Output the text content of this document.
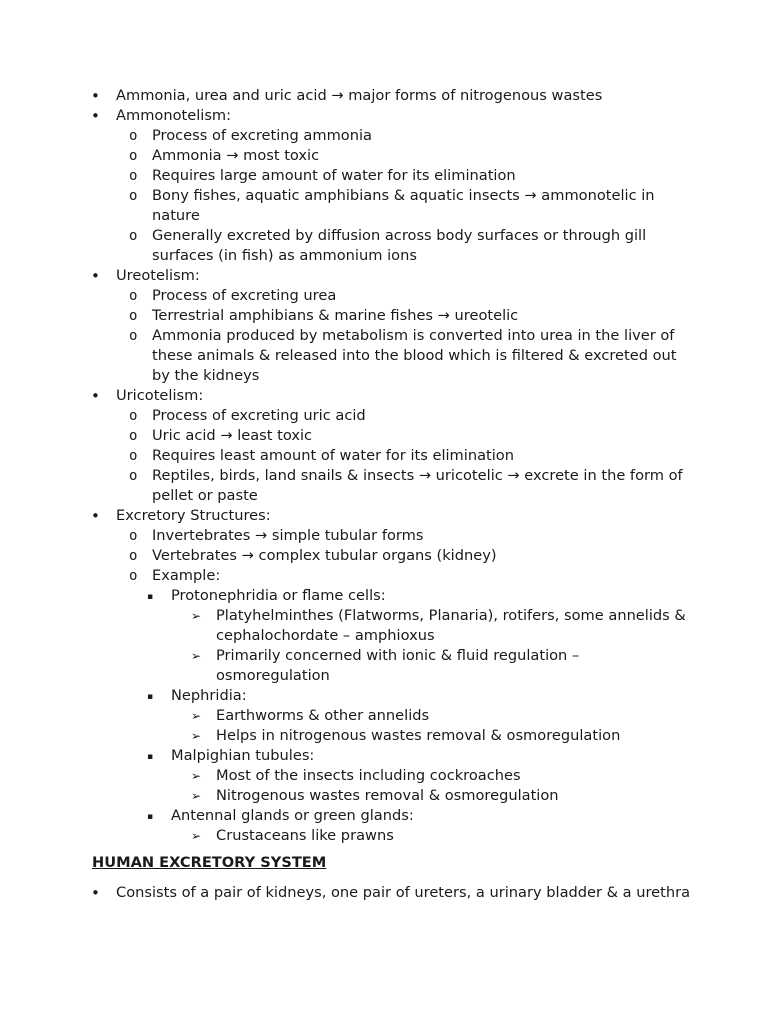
• Ammonia, urea and uric acid → major forms of nitrogenous wastes
• Ammonotelism:
o Process of excreting ammonia
o Ammonia → most toxic
o Requires large amount of water for its elimination
o Bony fishes, aquatic amphibians & aquatic insects → ammonotelic in nature
o Generally excreted by diffusion across body surfaces or through gill surfaces (in fish) as ammonium ions
• Ureotelism:
o Process of excreting urea
o Terrestrial amphibians & marine fishes → ureotelic
o Ammonia produced by metabolism is converted into urea in the liver of these animals & released into the blood which is filtered & excreted out by the kidneys
• Uricotelism:
o Process of excreting uric acid
o Uric acid → least toxic
o Requires least amount of water for its elimination
o Reptiles, birds, land snails & insects → uricotelic → excrete in the form of pellet or paste
• Excretory Structures:
o Invertebrates → simple tubular forms
o Vertebrates → complex tubular organs (kidney)
o Example:
▪ Protonephridia or flame cells:
➢ Platyhelminthes (Flatworms, Planaria), rotifers, some annelids & cephalochordate – amphioxus
➢ Primarily concerned with ionic & fluid regulation – osmoregulation
▪ Nephridia:
➢ Earthworms & other annelids
➢ Helps in nitrogenous wastes removal & osmoregulation
▪ Malpighian tubules:
➢ Most of the insects including cockroaches
➢ Nitrogenous wastes removal & osmoregulation
▪ Antennal glands or green glands:
➢ Crustaceans like prawns
HUMAN EXCRETORY SYSTEM
• Consists of a pair of kidneys, one pair of ureters, a urinary bladder & a urethra
